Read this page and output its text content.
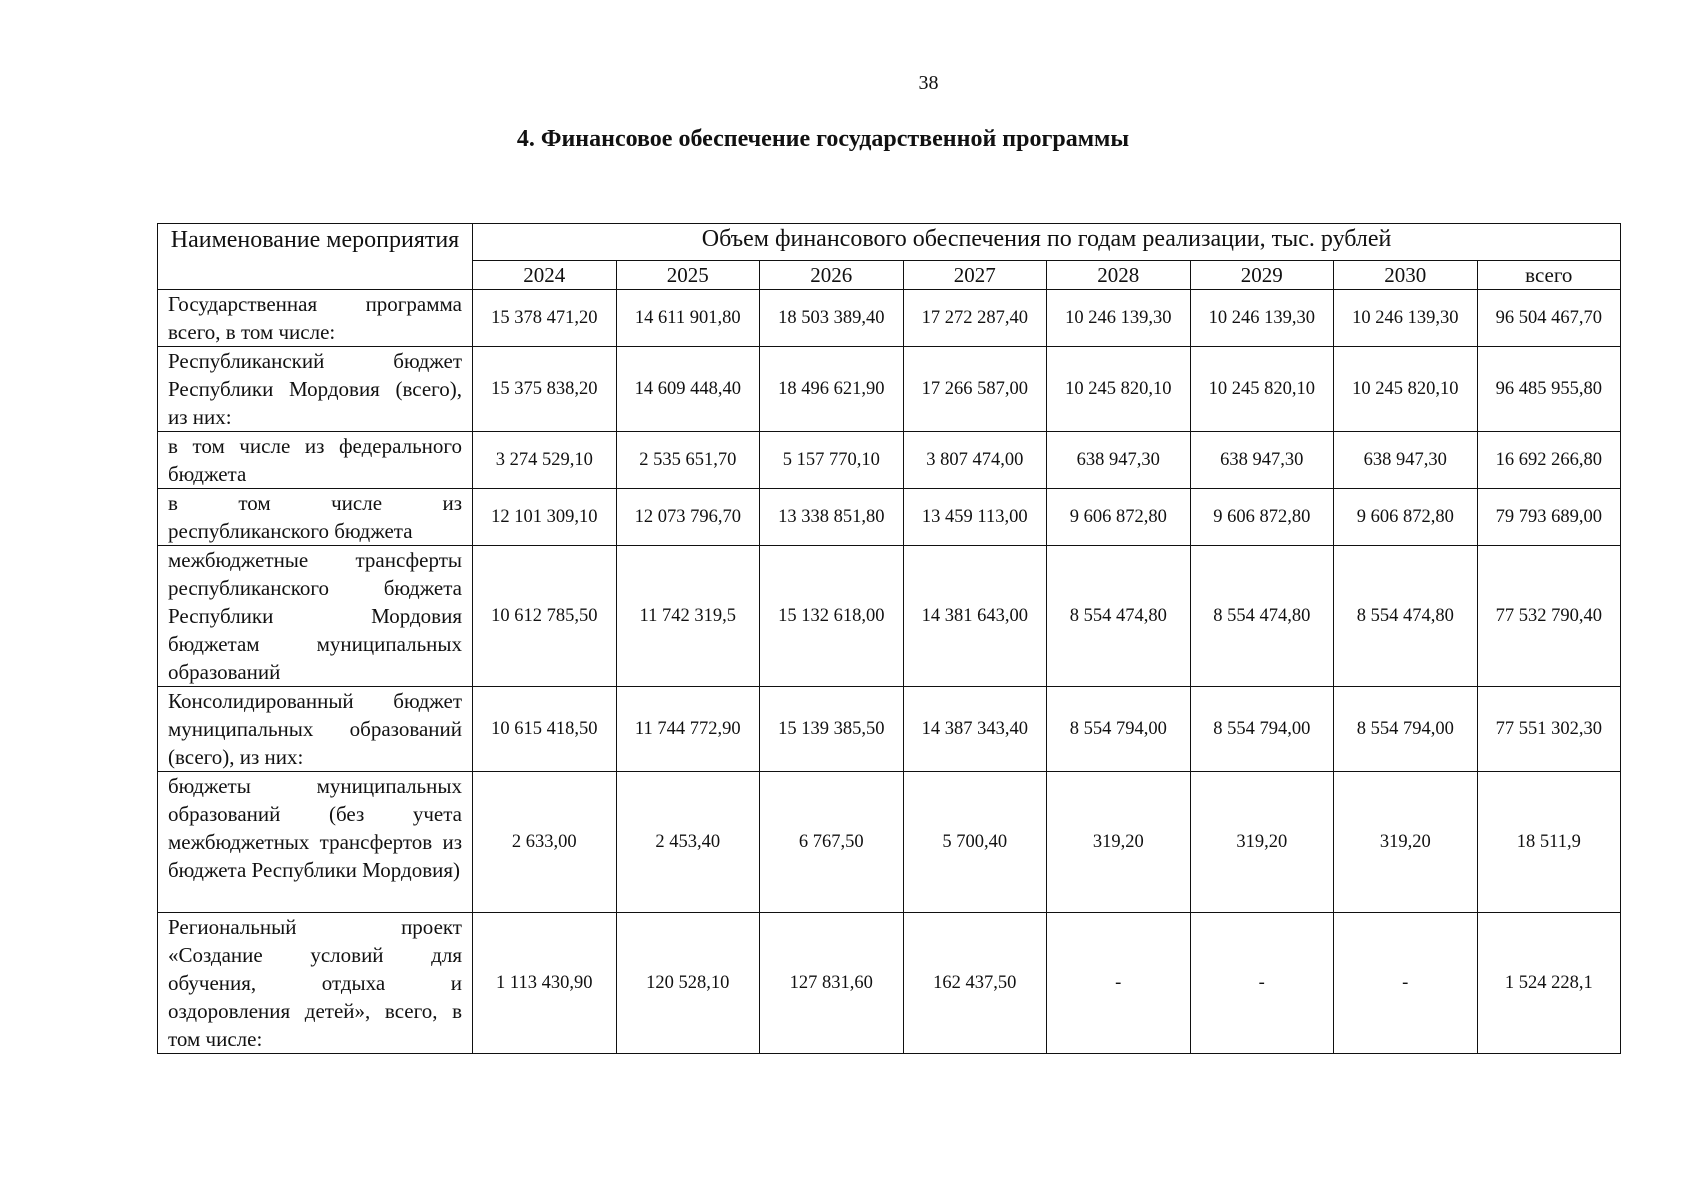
38
4. Финансовое обеспечение государственной программы
Наименование мероприятия	Объем финансового обеспечения по годам реализации, тыс. рублей							
	2024	2025	2026	2027	2028	2029	2030	всего
Государственная программа всего, в том числе:	15 378 471,20	14 611 901,80	18 503 389,40	17 272 287,40	10 246 139,30	10 246 139,30	10 246 139,30	96 504 467,70
Республиканский бюджет Республики Мордовия (всего), из них:	15 375 838,20	14 609 448,40	18 496 621,90	17 266 587,00	10 245 820,10	10 245 820,10	10 245 820,10	96 485 955,80
в том числе из федерального бюджета	3 274 529,10	2 535 651,70	5 157 770,10	3 807 474,00	638 947,30	638 947,30	638 947,30	16 692 266,80
в том числе из республиканского бюджета	12 101 309,10	12 073 796,70	13 338 851,80	13 459 113,00	9 606 872,80	9 606 872,80	9 606 872,80	79 793 689,00
межбюджетные трансферты республиканского бюджета Республики Мордовия бюджетам муниципальных образований	10 612 785,50	11 742 319,5	15 132 618,00	14 381 643,00	8 554 474,80	8 554 474,80	8 554 474,80	77 532 790,40
Консолидированный бюджет муниципальных образований (всего), из них:	10 615 418,50	11 744 772,90	15 139 385,50	14 387 343,40	8 554 794,00	8 554 794,00	8 554 794,00	77 551 302,30
бюджеты муниципальных образований (без учета межбюджетных трансфертов из бюджета Республики Мордовия)	2 633,00	2 453,40	6 767,50	5 700,40	319,20	319,20	319,20	18 511,9
Региональный проект «Создание условий для обучения, отдыха и оздоровления детей», всего, в том числе:	1 113 430,90	120 528,10	127 831,60	162 437,50	-	-	-	1 524 228,1
